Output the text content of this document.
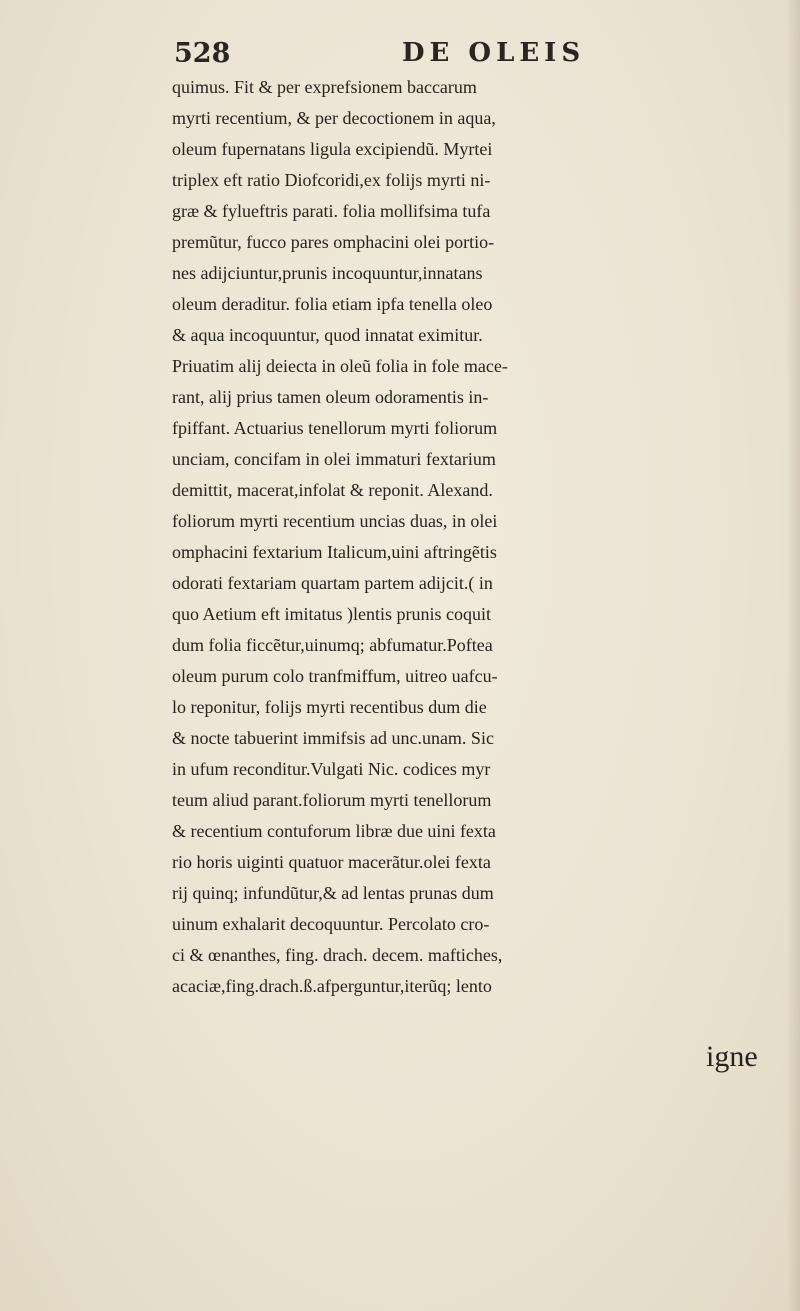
528	DE OLEIS
quimus. Fit & per exprefsionem baccarum
myrti recentium, & per decoctionem in aqua,
oleum fupernatans ligula excipiendũ. Myrtei
triplex eft ratio Diofcoridi,ex folijs myrti ni-
græ & fylueftris parati. folia mollifsima tufa
premũtur, fucco pares omphacini olei portio-
nes adijciuntur,prunis incoquuntur,innatans
oleum deraditur. folia etiam ipfa tenella oleo
& aqua incoquuntur, quod innatat eximitur.
Priuatim alij deiecta in oleũ folia in fole mace-
rant, alij prius tamen oleum odoramentis in-
fpiffant. Actuarius tenellorum myrti foliorum
unciam, concifam in olei immaturi fextarium
demittit, macerat,infolat & reponit. Alexand.
foliorum myrti recentium uncias duas, in olei
omphacini fextarium Italicum,uini aftringẽtis
odorati fextariam quartam partem adijcit.( in
quo Aetium eft imitatus )lentis prunis coquit
dum folia ficcẽtur,uinumq; abfumatur.Poftea
oleum purum colo tranfmiffum, uitreo uafcu-
lo reponitur, folijs myrti recentibus dum die
& nocte tabuerint immifsis ad unc.unam. Sic
in ufum reconditur.Vulgati Nic. codices myr
teum aliud parant.foliorum myrti tenellorum
& recentium contuforum libræ due uini fexta
rio horis uiginti quatuor macerãtur.olei fexta
rij quinq; infundũtur,& ad lentas prunas dum
uinum exhalarit decoquuntur. Percolato cro-
ci & œnanthes, fing. drach. decem. maftiches,
acaciæ,fing.drach.ß.afperguntur,iterũq; lento
igne
